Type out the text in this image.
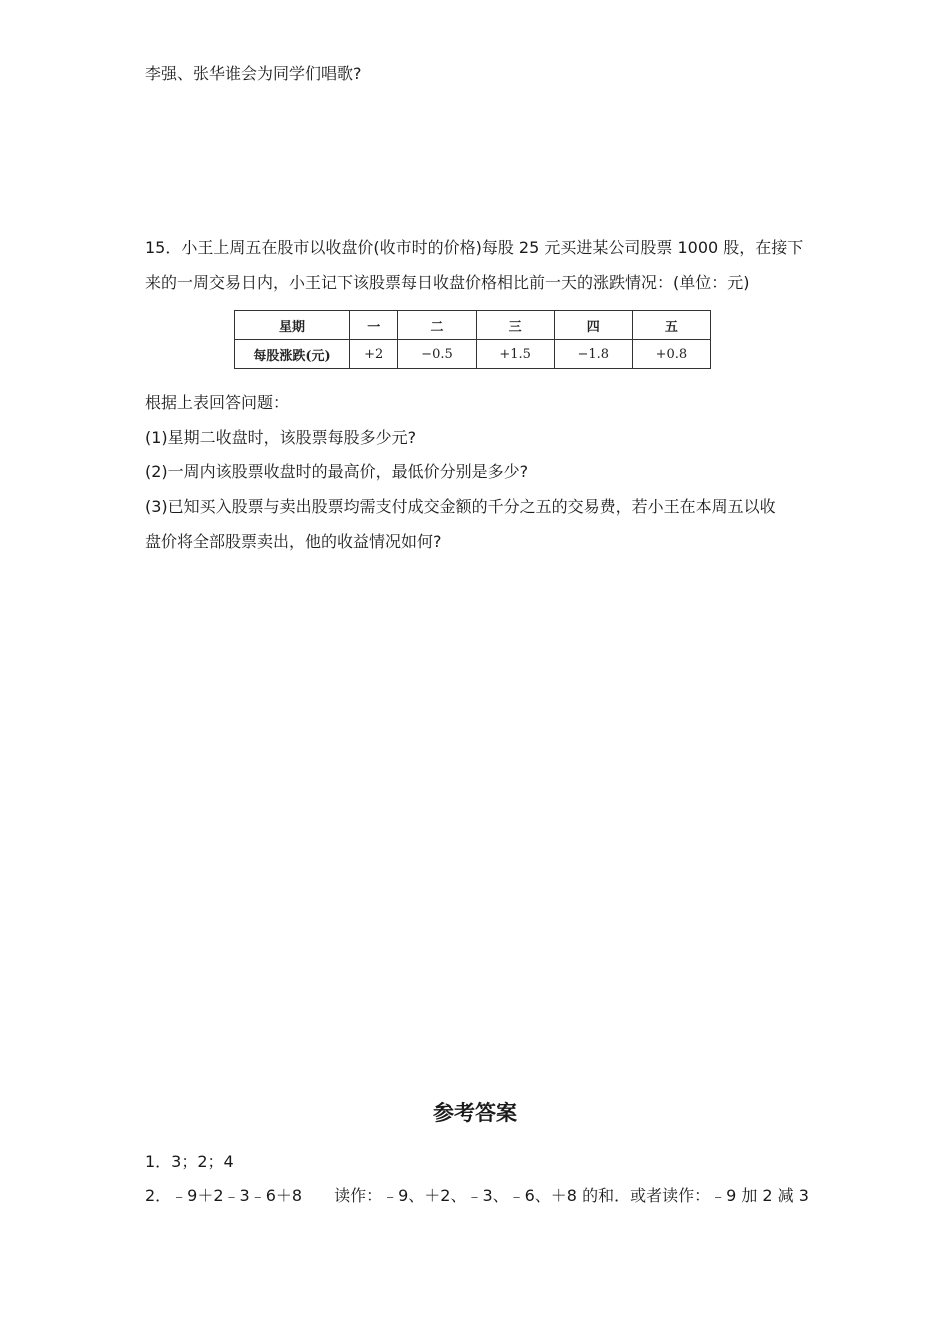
李强、张华谁会为同学们唱歌?
15．小王上周五在股市以收盘价(收市时的价格)每股 25 元买进某公司股票 1000 股，在接下
来的一周交易日内，小王记下该股票每日收盘价格相比前一天的涨跌情况：(单位：元)
星期	一	二	三	四	五
每股涨跌(元)	+2	−0.5	+1.5	−1.8	+0.8
根据上表回答问题：
(1)星期二收盘时，该股票每股多少元?
(2)一周内该股票收盘时的最高价，最低价分别是多少?
(3)已知买入股票与卖出股票均需支付成交金额的千分之五的交易费，若小王在本周五以收
盘价将全部股票卖出，他的收益情况如何?
参考答案
1．3；2；4
2．﹣9＋2﹣3﹣6＋8　　读作：﹣9、＋2、﹣3、﹣6、＋8 的和．或者读作：﹣9 加 2 减 3
